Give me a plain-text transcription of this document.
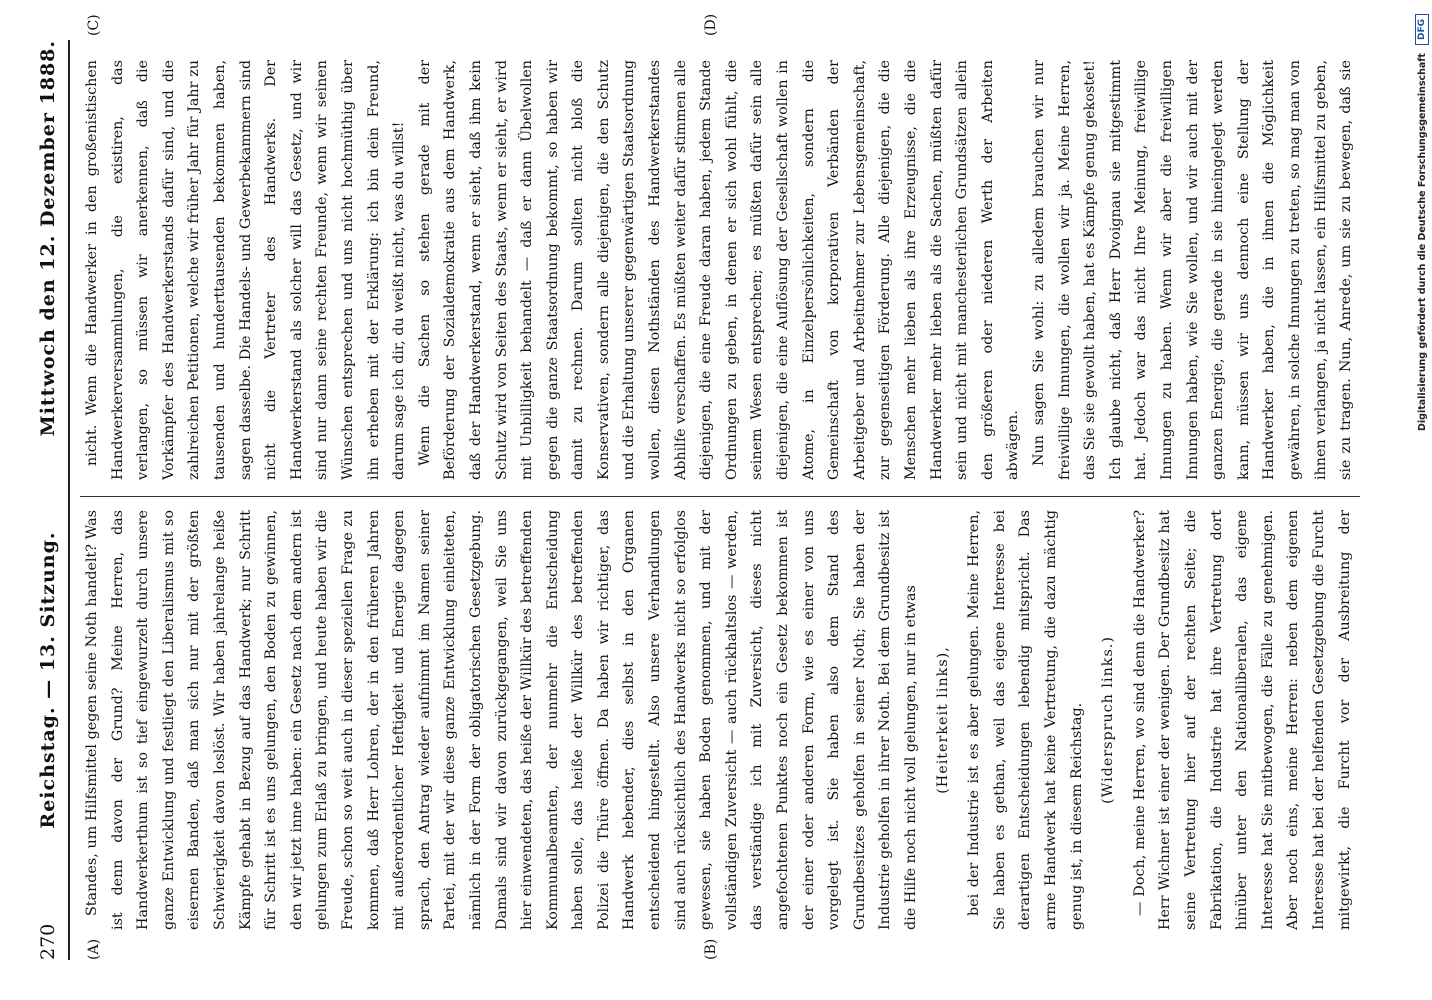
270
Reichstag. — 13. Sitzung.
Mittwoch den 12. Dezember 1888.
(A)	(B)
(C)	(D)

Standes, um Hilfsmittel gegen seine Noth handelt? Was ist denn davon der Grund? Meine Herren, das Handwerkerthum ist so tief eingewurzelt durch unsere ganze Entwicklung und festliegt den Liberalismus mit so eisernen Banden, daß man sich nur mit der größten Schwierigkeit davon loslöst. Wir haben jahrelange heiße Kämpfe gehabt in Bezug auf das Handwerk; nur Schritt für Schritt ist es uns gelungen, den Boden zu gewinnen, den wir jetzt inne haben: ein Gesetz nach dem andern ist gelungen zum Erlaß zu bringen, und heute haben wir die Freude, schon so weit auch in dieser speziellen Frage zu kommen, daß Herr Lohren, der in den früheren Jahren mit außerordentlicher Heftigkeit und Energie dagegen sprach, den Antrag wieder aufnimmt im Namen seiner Partei, mit der wir diese ganze Entwicklung einleiteten, nämlich in der Form der obligatorischen Gesetzgebung. Damals sind wir davon zurückgegangen, weil Sie uns hier einwendeten, das heiße der Willkür des betreffenden Kommunalbeamten, der nunmehr die Entscheidung haben solle, das heiße der Willkür des betreffenden Polizei die Thüre öffnen. Da haben wir richtiger, das Handwerk hebender, dies selbst in den Organen entscheidend hingestellt. Also unsere Verhandlungen sind auch rücksichtlich des Handwerks nicht so erfolglos gewesen, sie haben Boden genommen, und mit der vollständigen Zuversicht — auch rückhaltslos — werden, das verständige ich mit Zuversicht, dieses nicht angefochtenen Punktes noch ein Gesetz bekommen ist der einer oder anderen Form, wie es einer von uns vorgelegt ist. Sie haben also dem Stand des Grundbesitzes geholfen in seiner Noth; Sie haben der Industrie geholfen in ihrer Noth. Bei dem Grundbesitz ist die Hilfe noch nicht voll gelungen, nur in etwas	(Heiterkeit links),	bei der Industrie ist es aber gelungen. Meine Herren, Sie haben es gethan, weil das eigene Interesse bei derartigen Entscheidungen lebendig mitspricht. Das arme Handwerk hat keine Vertretung, die dazu mächtig genug ist, in diesem Reichstag.	(Widerspruch links.)

— Doch, meine Herren, wo sind denn die Handwerker? Herr Wichner ist einer der wenigen. Der Grundbesitz hat seine Vertretung hier auf der rechten Seite; die Fabrikation, die Industrie hat ihre Vertretung dort hinüber unter den Nationalliberalen, das eigene Interesse hat Sie mitbewogen, die Fälle zu genehmigen. Aber noch eins, meine Herren: neben dem eigenen Interesse hat bei der helfenden Gesetzgebung die Furcht mitgewirkt, die Furcht vor der Ausbreitung der

nicht. Wenn die Handwerker in den großenistischen Handwerkerversammlungen, die existiren, das verlangen, so müssen wir anerkennen, daß die Vorkämpfer des Handwerkerstands dafür sind, und die zahlreichen Petitionen, welche wir früher Jahr für Jahr zu tausenden und hunderttausenden bekommen haben, sagen dasselbe. Die Handels- und Gewerbekammern sind nicht die Vertreter des Handwerks. Der Handwerkerstand als solcher will das Gesetz, und wir sind nur dann seine rechten Freunde, wenn wir seinen Wünschen entsprechen und uns nicht hochmüthig über ihn erheben mit der Erklärung: ich bin dein Freund, darum sage ich dir, du weißt nicht, was du willst! Wenn die Sachen so stehen gerade mit der Beförderung der Sozialdemokratie aus dem Handwerk, daß der Handwerkerstand, wenn er sieht, daß ihm kein Schutz wird von Seiten des Staats, wenn er sieht, er wird mit Unbilligkeit behandelt — daß er dann Übelwollen gegen die ganze Staatsordnung bekommt, so haben wir damit zu rechnen. Darum sollten nicht bloß die Konservativen, sondern alle diejenigen, die den Schutz und die Erhaltung unserer gegenwärtigen Staatsordnung wollen, diesen Nothständen des Handwerkerstandes Abhilfe verschaffen. Es müßten weiter dafür stimmen alle diejenigen, die eine Freude daran haben, jedem Stande Ordnungen zu geben, in denen er sich wohl fühlt, die seinem Wesen entsprechen; es müßten dafür sein alle diejenigen, die eine Auflösung der Gesellschaft wollen in Atome, in Einzelpersönlichkeiten, sondern die Gemeinschaft von korporativen Verbänden der Arbeitgeber und Arbeitnehmer zur Lebensgemeinschaft, zur gegenseitigen Förderung. Alle diejenigen, die die Menschen mehr lieben als ihre Erzeugnisse, die die Handwerker mehr lieben als die Sachen, müßten dafür sein und nicht mit manchesterlichen Grundsätzen allein den größeren oder niederen Werth der Arbeiten abwägen. Nun sagen Sie wohl: zu alledem brauchen wir nur freiwillige Innungen, die wollen wir ja. Meine Herren, das Sie sie gewollt haben, hat es Kämpfe genug gekostet! Ich glaube nicht, daß Herr Dvoignau sie mitgestimmt hat. Jedoch war das nicht Ihre Meinung, freiwillige Innungen zu haben. Wenn wir aber die freiwilligen Innungen haben, wie Sie wollen, und wir auch mit der ganzen Energie, die gerade in sie hineingelegt werden kann, müssen wir uns dennoch eine Stellung der Handwerker haben, die in ihnen die Möglichkeit gewähren, in solche Innungen zu treten, so mag man von ihnen verlangen, ja nicht lassen, ein Hilfsmittel zu geben, sie zu tragen. Nun, Anrede, um sie zu bewegen, daß sie	Digitalisierung gefördert durch die Deutsche Forschungsgemeinschaft
DFG
